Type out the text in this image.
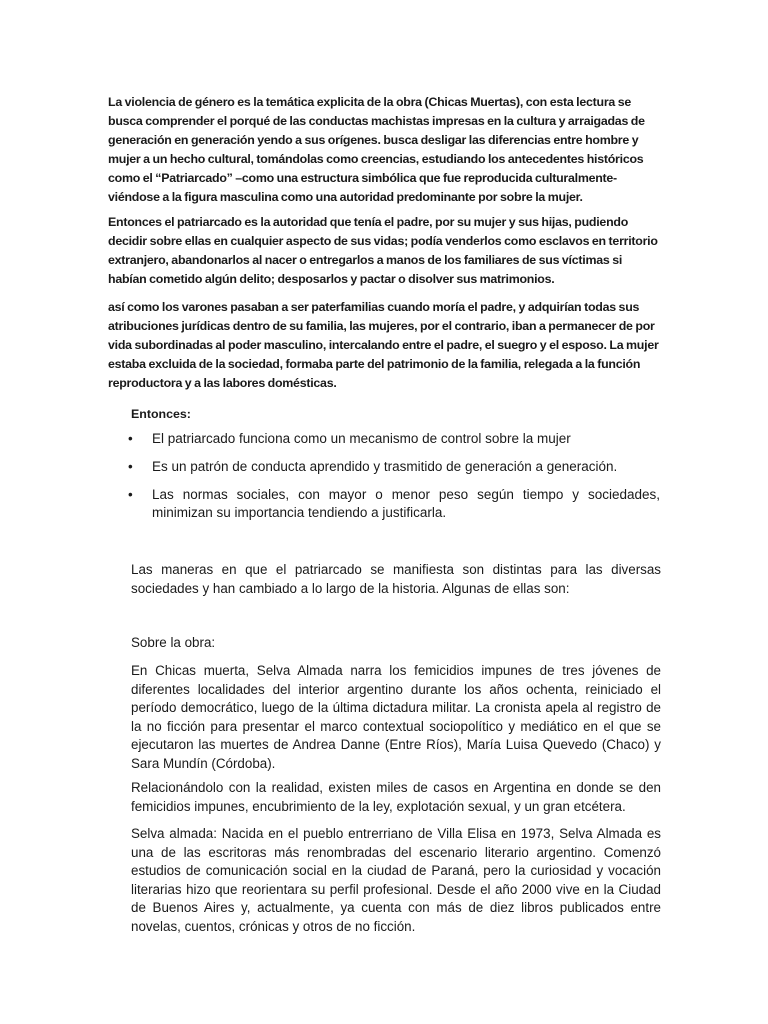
La violencia de género es la temática explicita de la obra (Chicas Muertas), con esta lectura se busca comprender el porqué de las conductas machistas impresas en la cultura y arraigadas de generación en generación yendo a sus orígenes. busca desligar las diferencias entre hombre y mujer a un hecho cultural, tomándolas como creencias, estudiando los antecedentes históricos como el “Patriarcado” –como una estructura simbólica que fue reproducida culturalmente- viéndose a la figura masculina como una autoridad predominante por sobre la mujer.

Entonces el patriarcado es la autoridad que tenía el padre, por su mujer y sus hijas, pudiendo decidir sobre ellas en cualquier aspecto de sus vidas; podía venderlos como esclavos en territorio extranjero, abandonarlos al nacer o entregarlos a manos de los familiares de sus víctimas si habían cometido algún delito; desposarlos y pactar o disolver sus matrimonios.

así como los varones pasaban a ser paterfamilias cuando moría el padre, y adquirían todas sus atribuciones jurídicas dentro de su familia, las mujeres, por el contrario, iban a permanecer de por vida subordinadas al poder masculino, intercalando entre el padre, el suegro y el esposo. La mujer estaba excluida de la sociedad, formaba parte del patrimonio de la familia, relegada a la función reproductora y a las labores domésticas.

Entonces:

• El patriarcado funciona como un mecanismo de control sobre la mujer
• Es un patrón de conducta aprendido y trasmitido de generación a generación.
• Las normas sociales, con mayor o menor peso según tiempo y sociedades, minimizan su importancia tendiendo a justificarla.

Las maneras en que el patriarcado se manifiesta son distintas para las diversas sociedades y han cambiado a lo largo de la historia. Algunas de ellas son:

Sobre la obra:

En Chicas muerta, Selva Almada narra los femicidios impunes de tres jóvenes de diferentes localidades del interior argentino durante los años ochenta, reiniciado el período democrático, luego de la última dictadura militar. La cronista apela al registro de la no ficción para presentar el marco contextual sociopolítico y mediático en el que se ejecutaron las muertes de Andrea Danne (Entre Ríos), María Luisa Quevedo (Chaco) y Sara Mundín (Córdoba).

Relacionándolo con la realidad, existen miles de casos en Argentina en donde se den femicidios impunes, encubrimiento de la ley, explotación sexual, y un gran etcétera.

Selva almada: Nacida en el pueblo entrerriano de Villa Elisa en 1973, Selva Almada es una de las escritoras más renombradas del escenario literario argentino. Comenzó estudios de comunicación social en la ciudad de Paraná, pero la curiosidad y vocación literarias hizo que reorientara su perfil profesional. Desde el año 2000 vive en la Ciudad de Buenos Aires y, actualmente, ya cuenta con más de diez libros publicados entre novelas, cuentos, crónicas y otros de no ficción.
